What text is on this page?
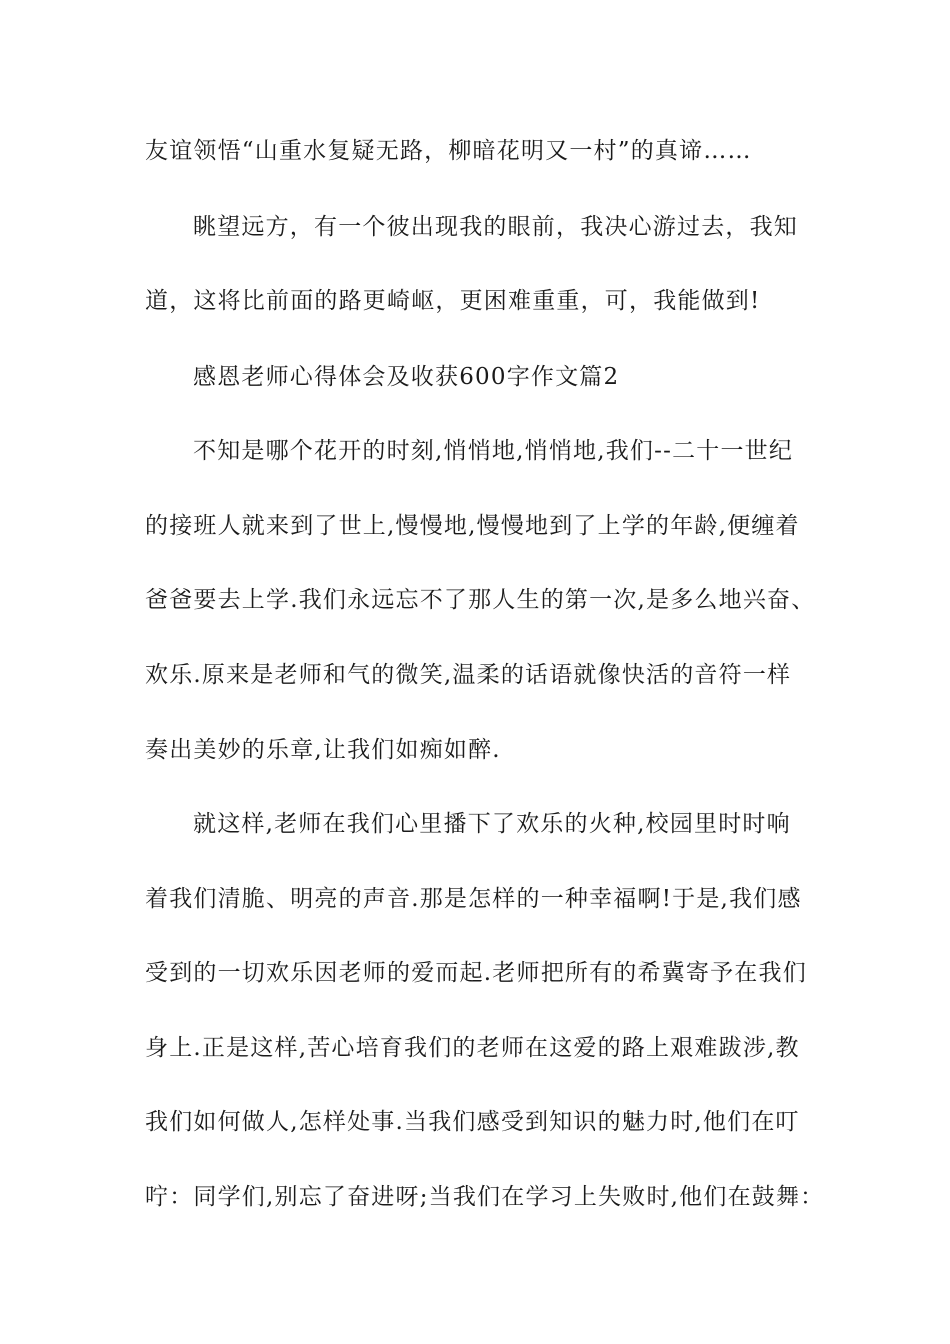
友谊领悟“山重水复疑无路，柳暗花明又一村”的真谛……
眺望远方，有一个彼出现我的眼前，我决心游过去，我知
道，这将比前面的路更崎岖，更困难重重，可，我能做到!
感恩老师心得体会及收获600字作文篇2
不知是哪个花开的时刻,悄悄地,悄悄地,我们--二十一世纪
的接班人就来到了世上,慢慢地,慢慢地到了上学的年龄,便缠着
爸爸要去上学.我们永远忘不了那人生的第一次,是多么地兴奋、
欢乐.原来是老师和气的微笑,温柔的话语就像快活的音符一样
奏出美妙的乐章,让我们如痴如醉.
就这样,老师在我们心里播下了欢乐的火种,校园里时时响
着我们清脆、明亮的声音.那是怎样的一种幸福啊!于是,我们感
受到的一切欢乐因老师的爱而起.老师把所有的希冀寄予在我们
身上.正是这样,苦心培育我们的老师在这爱的路上艰难跋涉,教
我们如何做人,怎样处事.当我们感受到知识的魅力时,他们在叮
咛：同学们,别忘了奋进呀;当我们在学习上失败时,他们在鼓舞：
